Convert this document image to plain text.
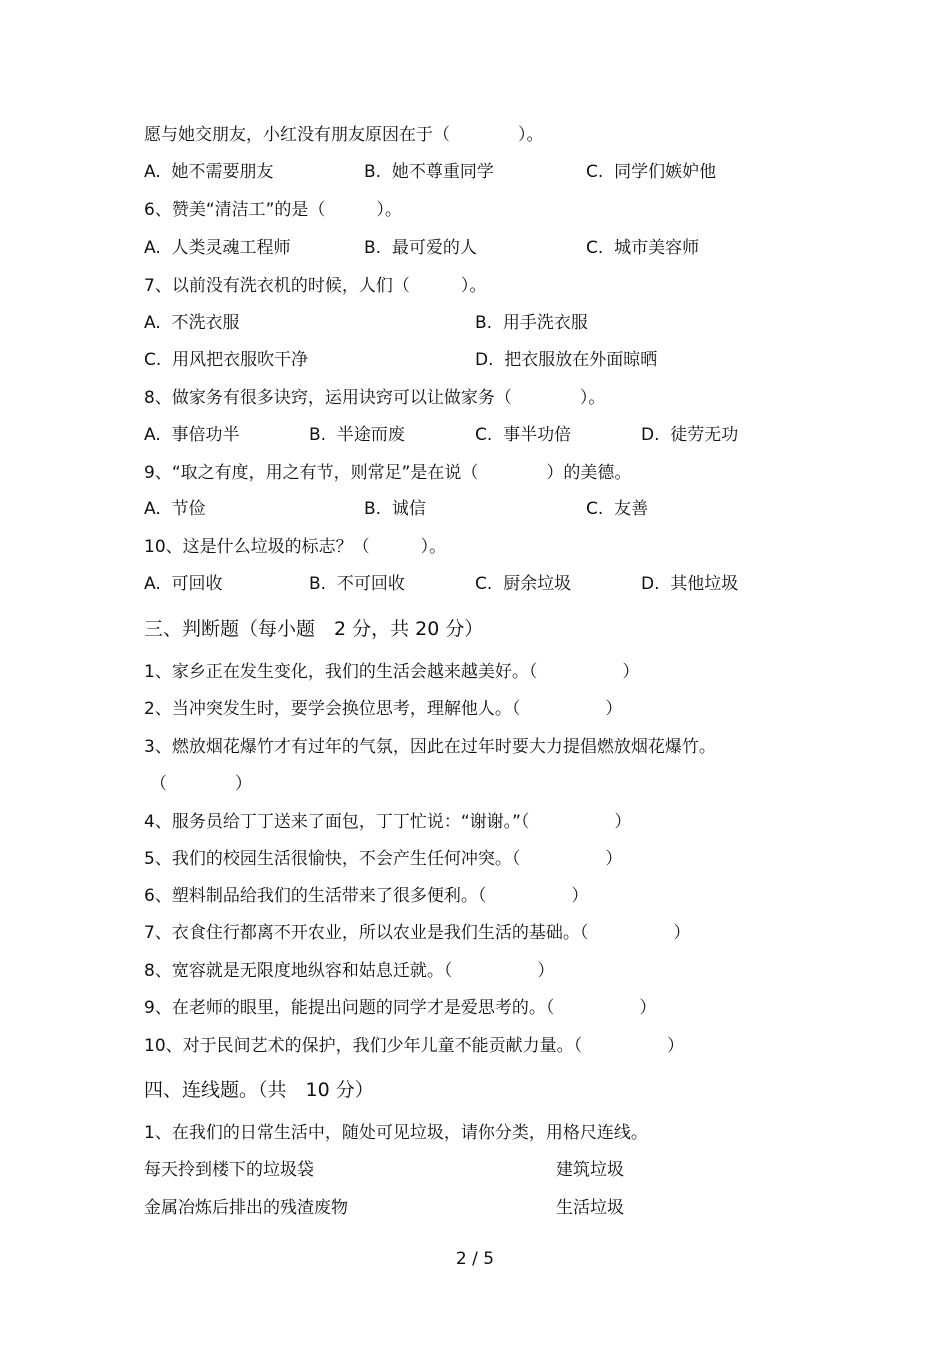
愿与她交朋友，小红没有朋友原因在于（　　　　）。
A.  她不需要朋友	B.  她不尊重同学	C.  同学们嫉妒他
6、赞美“清洁工”的是（　　　）。
A.  人类灵魂工程师	B.  最可爱的人	C.  城市美容师
7、以前没有洗衣机的时候，人们（　　　）。
A.  不洗衣服	B.  用手洗衣服
C.  用风把衣服吹干净	D.  把衣服放在外面晾晒
8、做家务有很多诀窍，运用诀窍可以让做家务（　　　　）。
A.  事倍功半	B.  半途而废	C.  事半功倍	D.  徒劳无功
9、“取之有度，用之有节，则常足”是在说（　　　　）的美德。
A.  节俭	B.  诚信	C.  友善
10、这是什么垃圾的标志？（　　　）。
A.  可回收	B.  不可回收	C.  厨余垃圾	D.  其他垃圾
三、判断题（每小题　2 分，共 20 分）
1、家乡正在发生变化，我们的生活会越来越美好。（　　　　　）
2、当冲突发生时，要学会换位思考，理解他人。（　　　　　）
3、燃放烟花爆竹才有过年的气氛，因此在过年时要大力提倡燃放烟花爆竹。
（　　　　）
4、服务员给丁丁送来了面包，丁丁忙说：“谢谢。”（　　　　　）
5、我们的校园生活很愉快，不会产生任何冲突。（　　　　　）
6、塑料制品给我们的生活带来了很多便利。（　　　　　）
7、衣食住行都离不开农业，所以农业是我们生活的基础。（　　　　　）
8、宽容就是无限度地纵容和姑息迁就。（　　　　　）
9、在老师的眼里，能提出问题的同学才是爱思考的。（　　　　　）
10、对于民间艺术的保护，我们少年儿童不能贡献力量。（　　　　　）
四、连线题。（共　10 分）
1、在我们的日常生活中，随处可见垃圾，请你分类，用格尺连线。
每天拎到楼下的垃圾袋	建筑垃圾
金属冶炼后排出的残渣废物	生活垃圾
2 / 5
